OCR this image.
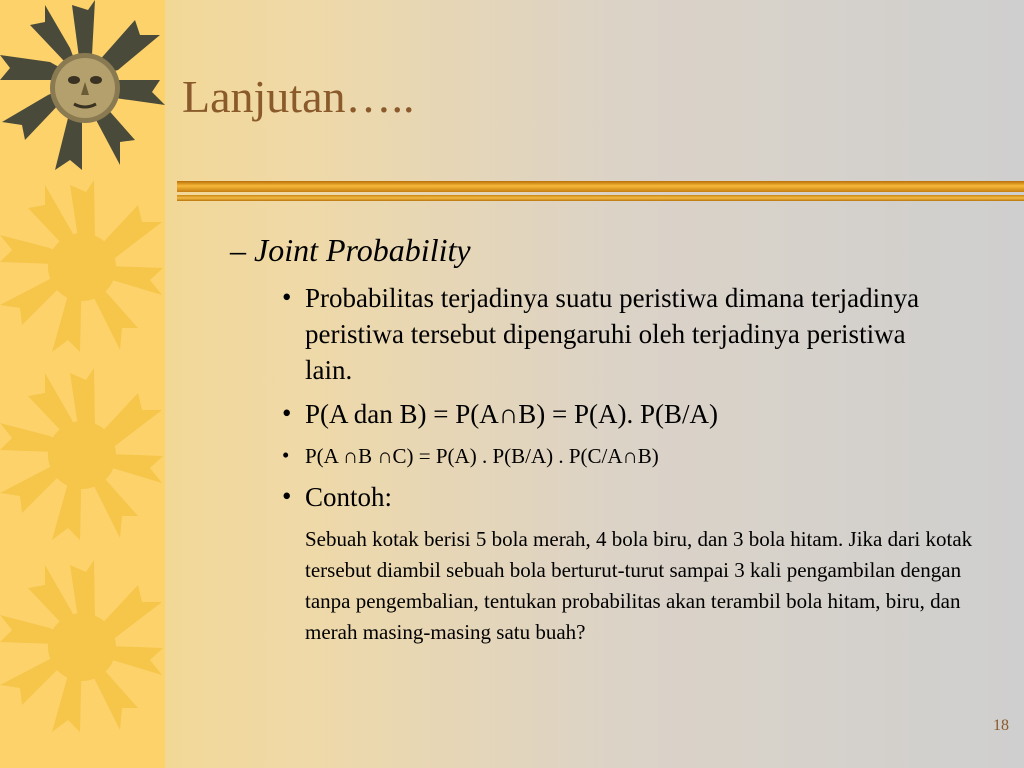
Lanjutan…..
– Joint Probability
• Probabilitas terjadinya suatu peristiwa dimana terjadinya peristiwa tersebut dipengaruhi oleh terjadinya peristiwa lain.
• P(A dan B) = P(A∩B) = P(A). P(B/A)
• P(A ∩B ∩C) = P(A) . P(B/A) . P(C/A∩B)
• Contoh:
Sebuah kotak berisi 5 bola merah, 4 bola biru, dan 3 bola hitam. Jika dari kotak tersebut diambil sebuah bola berturut-turut sampai 3 kali pengambilan dengan tanpa pengembalian, tentukan probabilitas akan terambil bola hitam, biru, dan merah masing-masing satu buah?
18
